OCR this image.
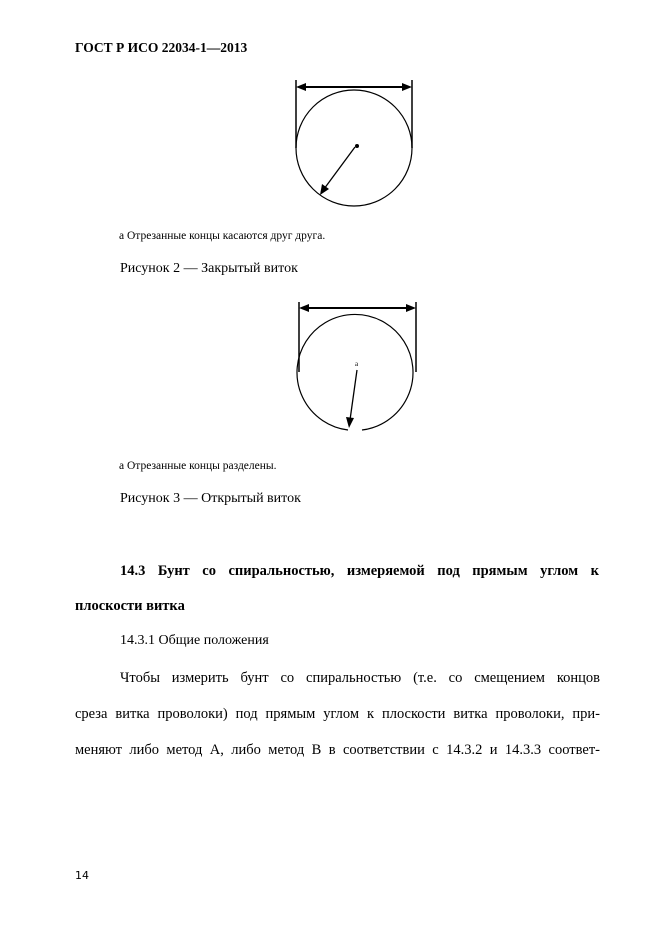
ГОСТ Р ИСО 22034-1—2013

а Отрезанные концы касаются друг друга.

Рисунок 2 — Закрытый виток

a

а Отрезанные концы разделены.

Рисунок 3 — Открытый виток

14.3 Бунт со спиральностью, измеряемой под прямым углом к
плоскости витка
14.3.1 Общие положения
Чтобы измерить бунт со спиральностью (т.е. со смещением концов
среза витка проволоки) под прямым углом к плоскости витка проволоки, при-
меняют либо метод А, либо метод В в соответствии с 14.3.2 и 14.3.3 соответ-
14
